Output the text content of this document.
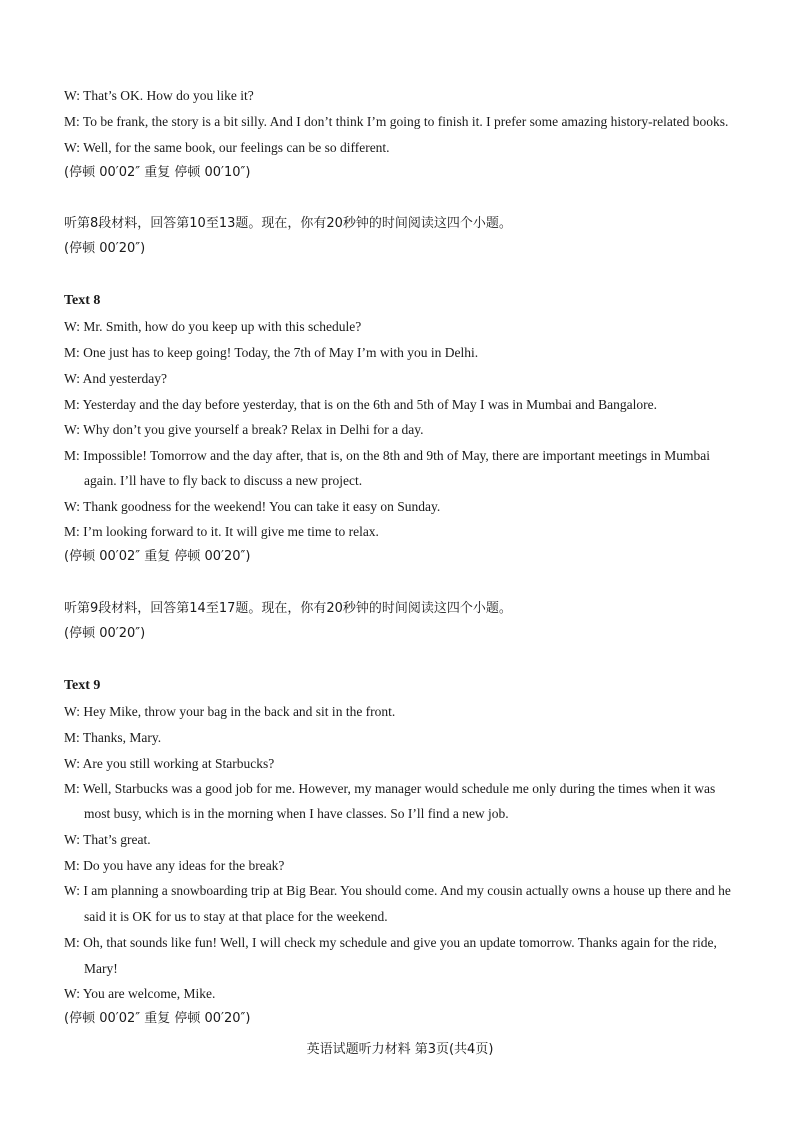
W: That’s OK. How do you like it?
M: To be frank, the story is a bit silly. And I don’t think I’m going to finish it. I prefer some amazing history-related books.
W: Well, for the same book, our feelings can be so different.
(停顿 00′02″ 重复 停顿 00′10″)
听第8段材料，回答第10至13题。现在，你有20秒钟的时间阅读这四个小题。
(停顿 00′20″)
Text 8
W: Mr. Smith, how do you keep up with this schedule?
M: One just has to keep going! Today, the 7th of May I’m with you in Delhi.
W: And yesterday?
M: Yesterday and the day before yesterday, that is on the 6th and 5th of May I was in Mumbai and Bangalore.
W: Why don’t you give yourself a break? Relax in Delhi for a day.
M: Impossible! Tomorrow and the day after, that is, on the 8th and 9th of May, there are important meetings in Mumbai
again. I’ll have to fly back to discuss a new project.
W: Thank goodness for the weekend! You can take it easy on Sunday.
M: I’m looking forward to it. It will give me time to relax.
(停顿 00′02″ 重复 停顿 00′20″)
听第9段材料，回答第14至17题。现在，你有20秒钟的时间阅读这四个小题。
(停顿 00′20″)
Text 9
W: Hey Mike, throw your bag in the back and sit in the front.
M: Thanks, Mary.
W: Are you still working at Starbucks?
M: Well, Starbucks was a good job for me. However, my manager would schedule me only during the times when it was
most busy, which is in the morning when I have classes. So I’ll find a new job.
W: That’s great.
M: Do you have any ideas for the break?
W: I am planning a snowboarding trip at Big Bear. You should come. And my cousin actually owns a house up there and he
said it is OK for us to stay at that place for the weekend.
M: Oh, that sounds like fun! Well, I will check my schedule and give you an update tomorrow. Thanks again for the ride,
Mary!
W: You are welcome, Mike.
(停顿 00′02″ 重复 停顿 00′20″)
英语试题听力材料 第3页(共4页)
